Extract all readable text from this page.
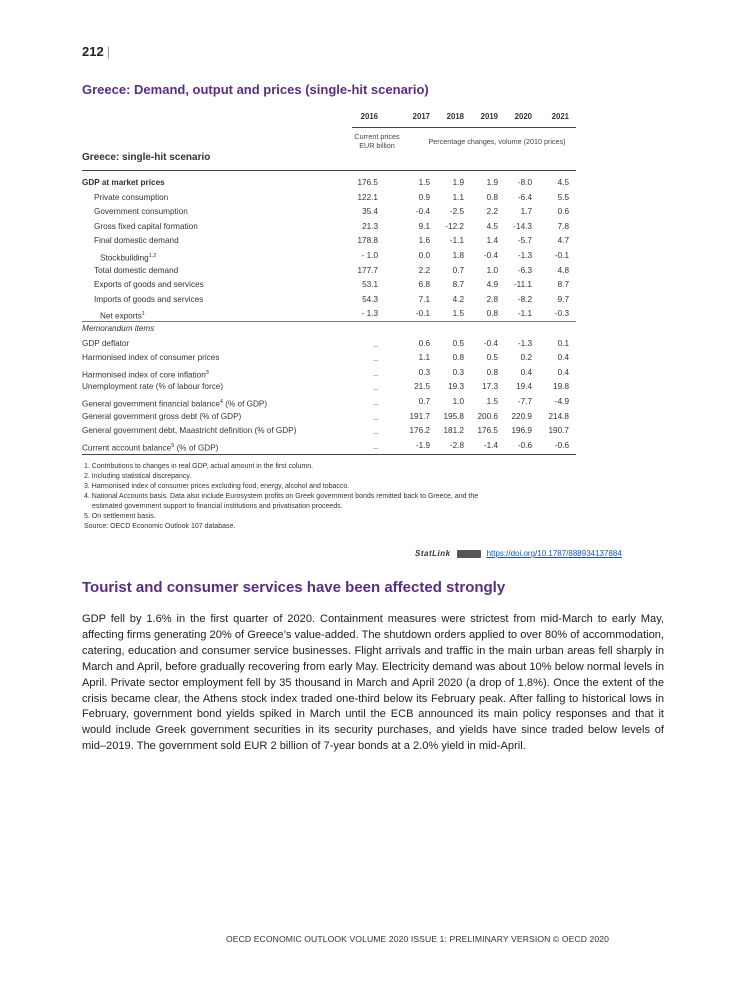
212 |
Greece: Demand, output and prices (single-hit scenario)
2016	2017	2018	2019	2020	2021
Current prices EUR billion	Percentage changes, volume (2010 prices)
Greece: single-hit scenario
GDP at market prices	176.5	1.5	1.9	1.9	-8.0	4.5
Private consumption	122.1	0.9	1.1	0.8	-6.4	5.5
Government consumption	35.4	-0.4	-2.5	2.2	1.7	0.6
Gross fixed capital formation	21.3	9.1	-12.2	4.5	-14.3	7.8
Final domestic demand	178.8	1.6	-1.1	1.4	-5.7	4.7
Stockbuilding$^{1,2}$	- 1.0	0.0	1.8	-0.4	-1.3	-0.1
Total domestic demand	177.7	2.2	0.7	1.0	-6.3	4.8
Exports of goods and services	53.1	6.8	8.7	4.9	-11.1	8.7
Imports of goods and services	54.3	7.1	4.2	2.8	-8.2	9.7
Net exports$^1$	- 1.3	-0.1	1.5	0.8	-1.1	-0.3
Memorandum items
GDP deflator	_	0.6	0.5	-0.4	-1.3	0.1
Harmonised index of consumer prices	_	1.1	0.8	0.5	0.2	0.4
Harmonised index of core inflation$^3$	_	0.3	0.3	0.8	0.4	0.4
Unemployment rate (% of labour force)	_	21.5	19.3	17.3	19.4	19.8
General government financial balance$^4$ (% of GDP)	_	0.7	1.0	1.5	-7.7	-4.9
General government gross debt (% of GDP)	_	191.7	195.8	200.6	220.9	214.8
General government debt, Maastricht definition (% of GDP)	_	176.2	181.2	176.5	196.9	190.7
Current account balance$^5$ (% of GDP)	_	-1.9	-2.8	-1.4	-0.6	-0.6
1. Contributions to changes in real GDP, actual amount in the first column.
2. Including statistical discrepancy.
3. Harmonised index of consumer prices excluding food, energy, alcohol and tobacco.
4. National Accounts basis. Data also include Eurosystem profits on Greek government bonds remitted back to Greece, and the
estimated government support to financial institutions and privatisation proceeds.
5. On settlement basis.
Source: OECD Economic Outlook 107 database.
StatLink	https://doi.org/10.1787/888934137884
Tourist and consumer services have been affected strongly
GDP fell by 1.6% in the first quarter of 2020. Containment measures were strictest from mid-March to early May, affecting firms generating 20% of Greece’s value-added. The shutdown orders applied to over 80% of accommodation, catering, education and consumer service businesses. Flight arrivals and traffic in the main urban areas fell sharply in March and April, before gradually recovering from early May. Electricity demand was about 10% below normal levels in April. Private sector employment fell by 35 thousand in March and April 2020 (a drop of 1.8%). Once the extent of the crisis became clear, the Athens stock index traded one-third below its February peak. After falling to historical lows in February, government bond yields spiked in March until the ECB announced its main policy responses and that it would include Greek government securities in its security purchases, and yields have since traded below levels of mid–2019. The government sold EUR 2 billion of 7-year bonds at a 2.0% yield in mid-April.
OECD ECONOMIC OUTLOOK VOLUME 2020 ISSUE 1: PRELIMINARY VERSION © OECD 2020
